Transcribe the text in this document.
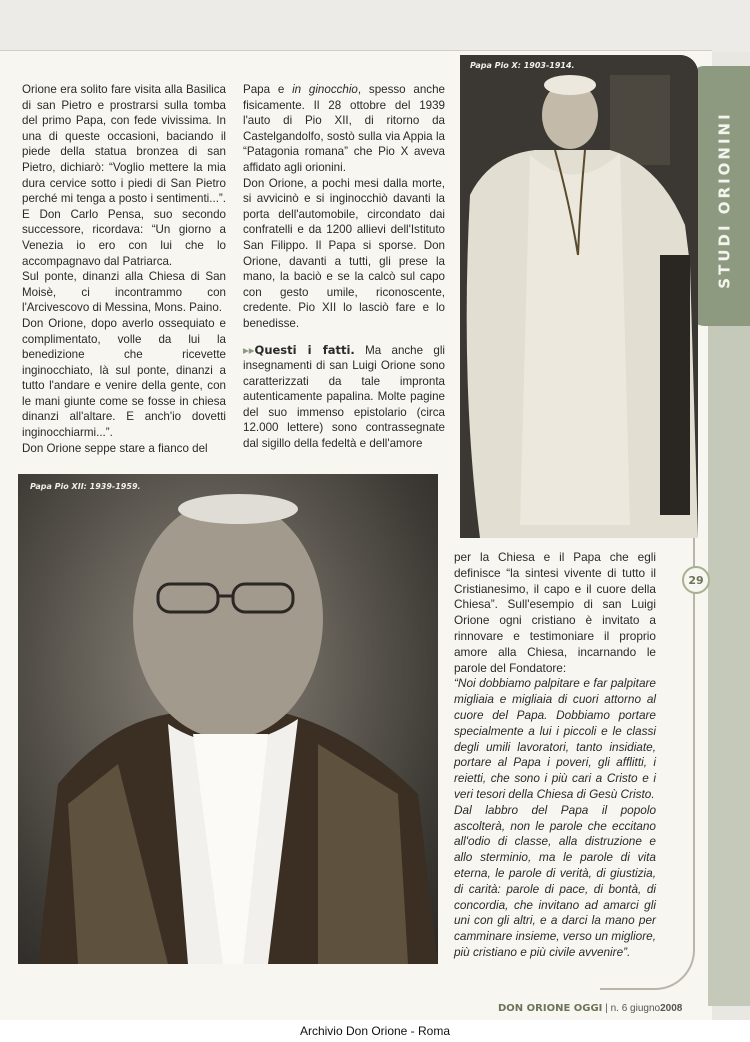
STUDI ORIONINI
29
Papa Pio X: 1903-1914.
Papa Pio XII: 1939-1959.

Orione era solito fare visita alla Basilica di san Pietro e prostrarsi sulla tomba del primo Papa, con fede vivissima. In una di queste occasioni, baciando il piede della statua bronzea di san Pietro, dichiarò: “Voglio mettere la mia dura cervice sotto i piedi di San Pietro perché mi tenga a posto i sentimenti...”. E Don Carlo Pensa, suo secondo successore, ricordava: “Un giorno a Venezia io ero con lui che lo accompagnavo dal Patriarca.

Sul ponte, dinanzi alla Chiesa di San Moisè, ci incontrammo con l'Arcivescovo di Messina, Mons. Paino.

Don Orione, dopo averlo ossequiato e complimentato, volle da lui la benedizione che ricevette inginocchiato, là sul ponte, dinanzi a tutto l'andare e venire della gente, con le mani giunte come se fosse in chiesa dinanzi all'altare. E anch'io dovetti inginocchiarmi...”.

Don Orione seppe stare a fianco del

Papa e in ginocchio, spesso anche fisicamente. Il 28 ottobre del 1939 l'auto di Pio XII, di ritorno da Castelgandolfo, sostò sulla via Appia la “Patagonia romana” che Pio X aveva affidato agli orionini.

Don Orione, a pochi mesi dalla morte, si avvicinò e si inginocchiò davanti la porta dell'automobile, circondato dai confratelli e da 1200 allievi dell'Istituto San Filippo. Il Papa si sporse. Don Orione, davanti a tutti, gli prese la mano, la baciò e se la calcò sul capo con gesto umile, riconoscente, credente. Pio XII lo lasciò fare e lo benedisse.

▸▸Questi i fatti. Ma anche gli insegnamenti di san Luigi Orione sono caratterizzati da tale impronta autenticamente papalina. Molte pagine del suo immenso epistolario (circa 12.000 lettere) sono contrassegnate dal sigillo della fedeltà e dell'amore

per la Chiesa e il Papa che egli definisce “la sintesi vivente di tutto il Cristianesimo, il capo e il cuore della Chiesa”. Sull'esempio di san Luigi Orione ogni cristiano è invitato a rinnovare e testimoniare il proprio amore alla Chiesa, incarnando le parole del Fondatore:

“Noi dobbiamo palpitare e far palpitare migliaia e migliaia di cuori attorno al cuore del Papa. Dobbiamo portare specialmente a lui i piccoli e le classi degli umili lavoratori, tanto insidiate, portare al Papa i poveri, gli afflitti, i reietti, che sono i più cari a Cristo e i veri tesori della Chiesa di Gesù Cristo.

Dal labbro del Papa il popolo ascolterà, non le parole che eccitano all'odio di classe, alla distruzione e allo sterminio, ma le parole di vita eterna, le parole di verità, di giustizia, di carità: parole di pace, di bontà, di concordia, che invitano ad amarci gli uni con gli altri, e a darci la mano per camminare insieme, verso un migliore, più cristiano e più civile avvenire”.

DON ORIONE OGGI | n. 6 giugno2008
Archivio Don Orione - Roma
